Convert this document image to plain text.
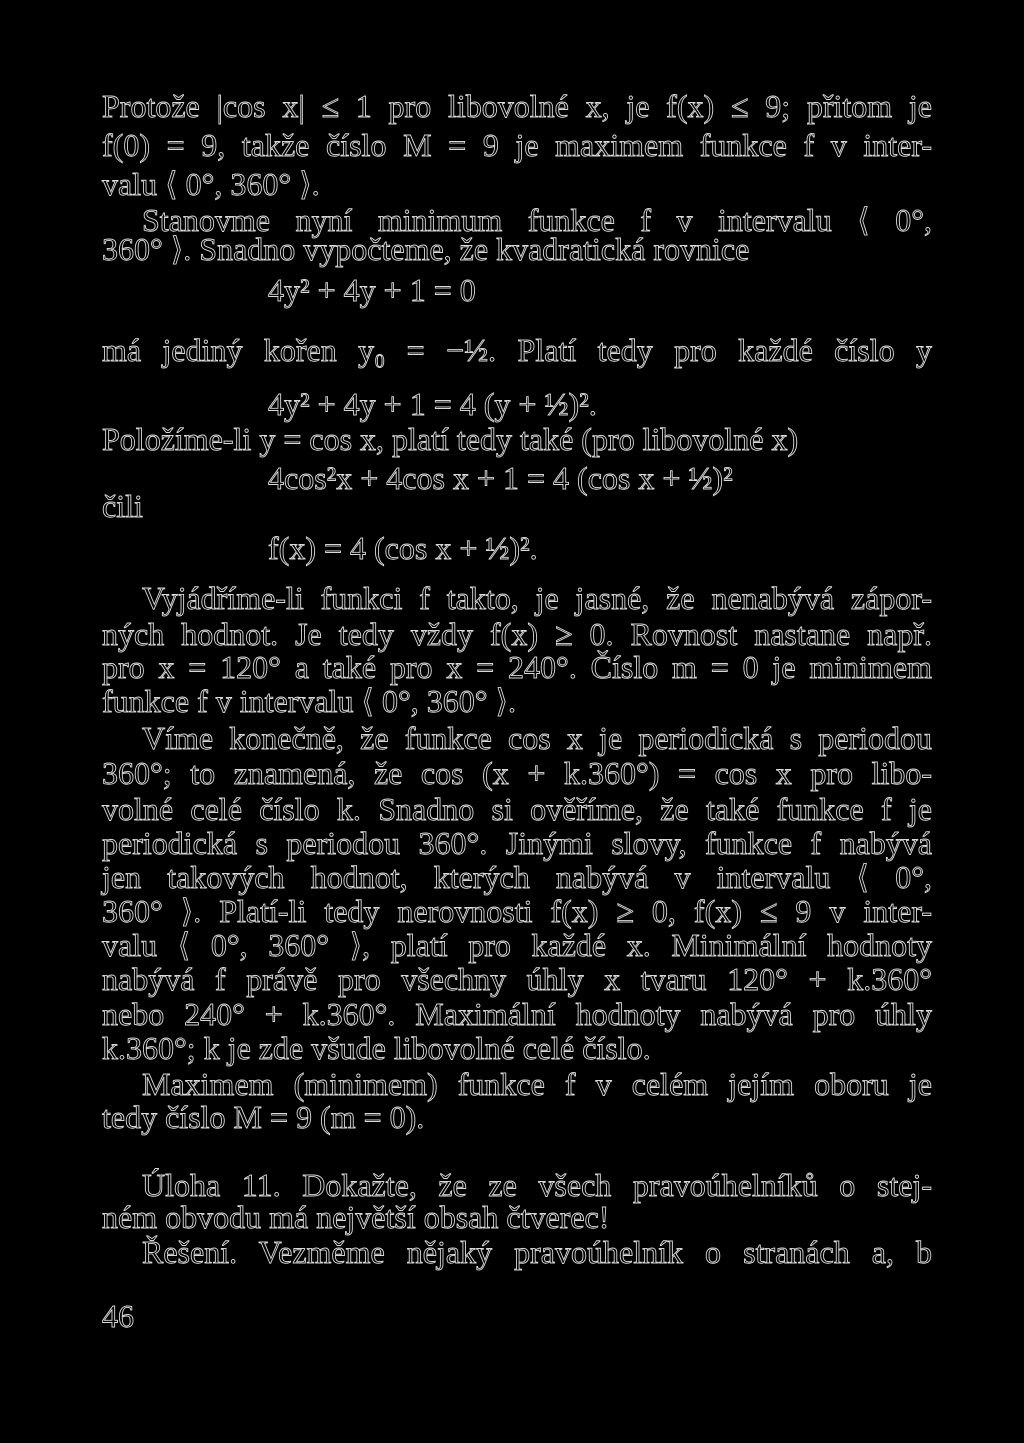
Protože |cos x| ≤ 1 pro libovolné x, je f(x) ≤ 9; přitom je
f(0) = 9, takže číslo M = 9 je maximem funkce f v inter-
valu ⟨ 0°, 360° ⟩.
Stanovme nyní minimum funkce f v intervalu ⟨ 0°,
360° ⟩. Snadno vypočteme, že kvadratická rovnice
4y² + 4y + 1 = 0
má jediný kořen y₀ = −½. Platí tedy pro každé číslo y
4y² + 4y + 1 = 4 (y + ½)².
Položíme-li y = cos x, platí tedy také (pro libovolné x)
4cos²x + 4cos x + 1 = 4 (cos x + ½)²
čili
f(x) = 4 (cos x + ½)².
Vyjádříme-li funkci f takto, je jasné, že nenabývá zápor-
ných hodnot. Je tedy vždy f(x) ≥ 0. Rovnost nastane např.
pro x = 120° a také pro x = 240°. Číslo m = 0 je minimem
funkce f v intervalu ⟨ 0°, 360° ⟩.
Víme konečně, že funkce cos x je periodická s periodou
360°; to znamená, že cos (x + k.360°) = cos x pro libo-
volné celé číslo k. Snadno si ověříme, že také funkce f je
periodická s periodou 360°. Jinými slovy, funkce f nabývá
jen takových hodnot, kterých nabývá v intervalu ⟨ 0°,
360° ⟩. Platí-li tedy nerovnosti f(x) ≥ 0, f(x) ≤ 9 v inter-
valu ⟨ 0°, 360° ⟩, platí pro každé x. Minimální hodnoty
nabývá f právě pro všechny úhly x tvaru 120° + k.360°
nebo 240° + k.360°. Maximální hodnoty nabývá pro úhly
k.360°; k je zde všude libovolné celé číslo.
Maximem (minimem) funkce f v celém jejím oboru je
tedy číslo M = 9 (m = 0).
Úloha 11. Dokažte, že ze všech pravoúhelníků o stej-
ném obvodu má největší obsah čtverec!
Řešení. Vezměme nějaký pravoúhelník o stranách a, b
46
